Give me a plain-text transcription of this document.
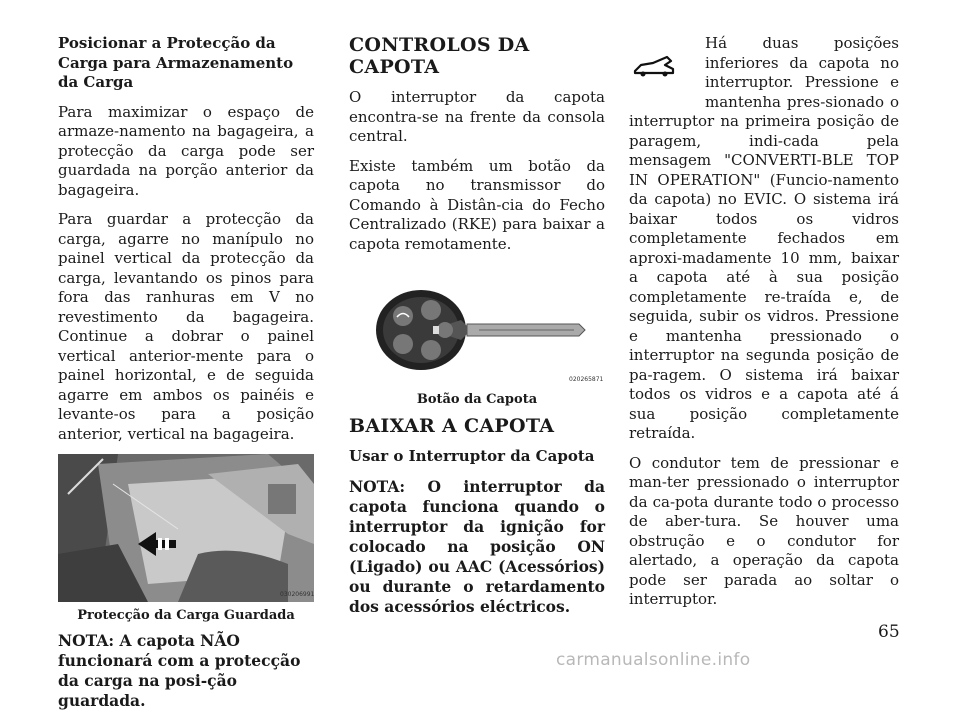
Posicionar a Protecção da Carga para Armazenamento da Carga

Para maximizar o espaço de armaze-namento na bagageira, a protecção da carga pode ser guardada na porção anterior da bagageira.

Para guardar a protecção da carga, agarre no manípulo no painel vertical da protecção da carga, levantando os pinos para fora das ranhuras em V no revestimento da bagageira. Continue a dobrar o painel vertical anterior-mente para o painel horizontal, e de seguida agarre em ambos os painéis e levante-os para a posição anterior, vertical na bagageira.

030206991
Protecção da Carga Guardada

NOTA: A capota NÃO funcionará com a protecção da carga na posi-ção guardada.

CONTROLOS DA CAPOTA

O interruptor da capota encontra-se na frente da consola central.

Existe também um botão da capota no transmissor do Comando à Distân-cia do Fecho Centralizado (RKE) para baixar a capota remotamente.

020265871
Botão da Capota
BAIXAR A CAPOTA

Usar o Interruptor da Capota

NOTA: O interruptor da capota funciona quando o interruptor da ignição for colocado na posição ON (Ligado) ou AAC (Acessórios) ou durante o retardamento dos acessórios eléctricos.

Há duas posições inferiores da capota no interruptor. Pressione e mantenha pres-sionado o interruptor na primeira posição de paragem, indi-cada pela mensagem "CONVERTI-BLE TOP IN OPERATION" (Funcio-namento da capota) no EVIC. O sistema irá baixar todos os vidros completamente fechados em aproxi-madamente 10 mm, baixar a capota até à sua posição completamente re-traída e, de seguida, subir os vidros. Pressione e mantenha pressionado o interruptor na segunda posição de pa-ragem. O sistema irá baixar todos os vidros e a capota até á sua posição completamente retraída.

O condutor tem de pressionar e man-ter pressionado o interruptor da ca-pota durante todo o processo de aber-tura. Se houver uma obstrução e o condutor for alertado, a operação da capota pode ser parada ao soltar o interruptor.

65
carmanualsonline.info
